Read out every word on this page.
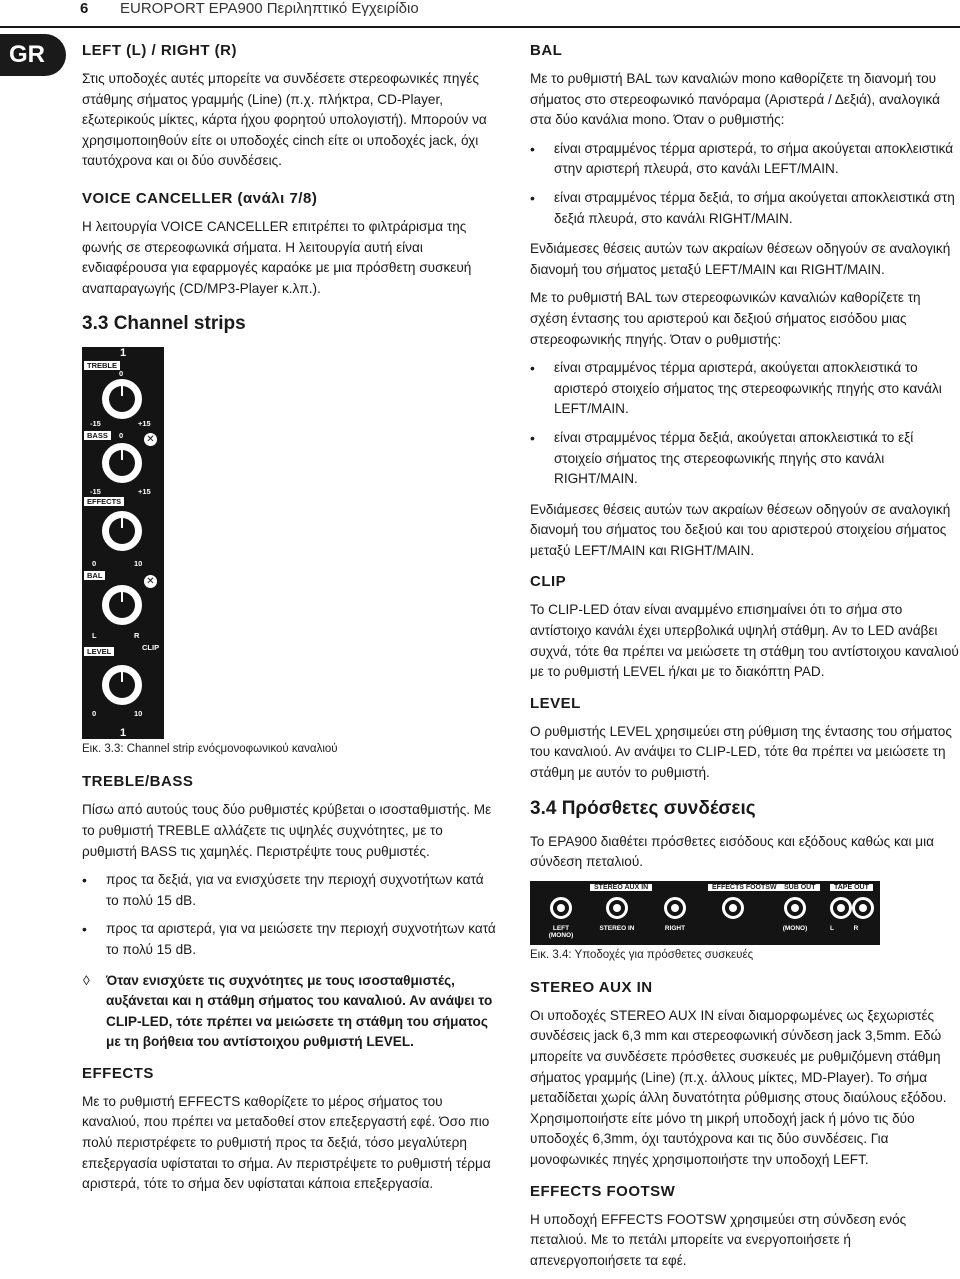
6 EUROPORT EPA900 Περιληπτικό Εγχειρίδιο
GR	LEFT (L) / RIGHT (R)
Στις υποδοχές αυτές μπορείτε να συνδέσετε στερεοφωνικές πηγές στάθμης σήματος γραμμής (Line) (π.χ. πλήκτρα, CD-Player, εξωτερικούς μίκτες, κάρτα ήχου φορητού υπολογιστή). Μπορούν να χρησιμοποιηθούν είτε οι υποδοχές cinch είτε οι υποδοχές jack, όχι ταυτόχρονα και οι δύο συνδέσεις.
VOICE CANCELLER (ανάλι 7/8)
Η λειτουργία VOICE CANCELLER επιτρέπει το φιλτράρισμα της φωνής σε στερεοφωνικά σήματα. Η λειτουργία αυτή είναι ενδιαφέρουσα για εφαρμογές καραόκε με μια πρόσθετη συσκευή αναπαραγωγής (CD/MP3-Player κ.λπ.).
3.3 Channel strips
1
TREBLE
0
-15	+15
BASS	0 ✕
-15	+15
EFFECTS
0	10
BAL
✕
L	R
CLIP
LEVEL
0	10
1
Εικ. 3.3: Channel strip ενόςμονοφωνικού καναλιού
TREBLE/BASS
Πίσω από αυτούς τους δύο ρυθμιστές κρύβεται ο ισοσταθμιστής. Με το ρυθμιστή TREBLE αλλάζετε τις υψηλές συχνότητες, με το ρυθμιστή BASS τις χαμηλές. Περιστρέψτε τους ρυθμιστές.
• προς τα δεξιά, για να ενισχύσετε την περιοχή συχνοτήτων κατά το πολύ 15 dB.
• προς τα αριστερά, για να μειώσετε την περιοχή συχνοτήτων κατά το πολύ 15 dB.
◊ Όταν ενισχύετε τις συχνότητες με τους ισοσταθμιστές, αυξάνεται και η στάθμη σήματος του καναλιού. Αν ανάψει το CLIP-LED, τότε πρέπει να μειώσετε τη στάθμη του σήματος με τη βοήθεια του αντίστοιχου ρυθμιστή LEVEL.
EFFECTS
Με το ρυθμιστή EFFECTS καθορίζετε το μέρος σήματος του καναλιού, που πρέπει να μεταδοθεί στον επεξεργαστή εφέ. Όσο πιο πολύ περιστρέφετε το ρυθμιστή προς τα δεξιά, τόσο μεγαλύτερη επεξεργασία υφίσταται το σήμα. Αν περιστρέψετε το ρυθμιστή τέρμα αριστερά, τότε το σήμα δεν υφίσταται κάποια επεξεργασία.
BAL
Με το ρυθμιστή BAL των καναλιών mono καθορίζετε τη διανομή του σήματος στο στερεοφωνικό πανόραμα (Αριστερά / Δεξιά), αναλογικά στα δύο κανάλια mono. Όταν ο ρυθμιστής:
• είναι στραμμένος τέρμα αριστερά, το σήμα ακούγεται αποκλειστικά στην αριστερή πλευρά, στο κανάλι LEFT/MAIN.
• είναι στραμμένος τέρμα δεξιά, το σήμα ακούγεται αποκλειστικά στη δεξιά πλευρά, στο κανάλι RIGHT/MAIN.
Ενδιάμεσες θέσεις αυτών των ακραίων θέσεων οδηγούν σε αναλογική διανομή του σήματος μεταξύ LEFT/MAIN και RIGHT/MAIN.
Με το ρυθμιστή BAL των στερεοφωνικών καναλιών καθορίζετε τη σχέση έντασης του αριστερού και δεξιού σήματος εισόδου μιας στερεοφωνικής πηγής. Όταν ο ρυθμιστής:
• είναι στραμμένος τέρμα αριστερά, ακούγεται αποκλειστικά το αριστερό στοιχείο σήματος της στερεοφωνικής πηγής στο κανάλι LEFT/MAIN.
• είναι στραμμένος τέρμα δεξιά, ακούγεται αποκλειστικά το εξί στοιχείο σήματος της στερεοφωνικής πηγής στο κανάλι RIGHT/MAIN.
Ενδιάμεσες θέσεις αυτών των ακραίων θέσεων οδηγούν σε αναλογική διανομή του σήματος του δεξιού και του αριστερού στοιχείου σήματος μεταξύ LEFT/MAIN και RIGHT/MAIN.
CLIP
Το CLIP-LED όταν είναι αναμμένο επισημαίνει ότι το σήμα στο αντίστοιχο κανάλι έχει υπερβολικά υψηλή στάθμη. Αν το LED ανάβει συχνά, τότε θα πρέπει να μειώσετε τη στάθμη του αντίστοιχου καναλιού με το ρυθμιστή LEVEL ή/και με το διακόπτη PAD.
LEVEL
Ο ρυθμιστής LEVEL χρησιμεύει στη ρύθμιση της έντασης του σήματος του καναλιού. Αν ανάψει το CLIP-LED, τότε θα πρέπει να μειώσετε τη στάθμη με αυτόν το ρυθμιστή.
3.4 Πρόσθετες συνδέσεις
Το EPA900 διαθέτει πρόσθετες εισόδους και εξόδους καθώς και μια σύνδεση πεταλιού.
STEREO AUX IN	EFFECTS FOOTSW	SUB OUT	TAPE OUT
LEFT (MONO)
STEREO IN	RIGHT	(MONO)	L	R
Εικ. 3.4: Υποδοχές για πρόσθετες συσκευές
STEREO AUX IN
Οι υποδοχές STEREO AUX IN είναι διαμορφωμένες ως ξεχωριστές συνδέσεις jack 6,3 mm και στερεοφωνική σύνδεση jack 3,5mm. Εδώ μπορείτε να συνδέσετε πρόσθετες συσκευές με ρυθμιζόμενη στάθμη σήματος γραμμής (Line) (π.χ. άλλους μίκτες, MD-Player). Το σήμα μεταδίδεται χωρίς άλλη δυνατότητα ρύθμισης στους διαύλους εξόδου. Χρησιμοποιήστε είτε μόνο τη μικρή υποδοχή jack ή μόνο τις δύο υποδοχές 6,3mm, όχι ταυτόχρονα και τις δύο συνδέσεις. Για μονοφωνικές πηγές χρησιμοποιήστε την υποδοχή LEFT.
EFFECTS FOOTSW
Η υποδοχή EFFECTS FOOTSW χρησιμεύει στη σύνδεση ενός πεταλιού. Με το πετάλι μπορείτε να ενεργοποιήσετε ή απενεργοποιήσετε τα εφέ.
